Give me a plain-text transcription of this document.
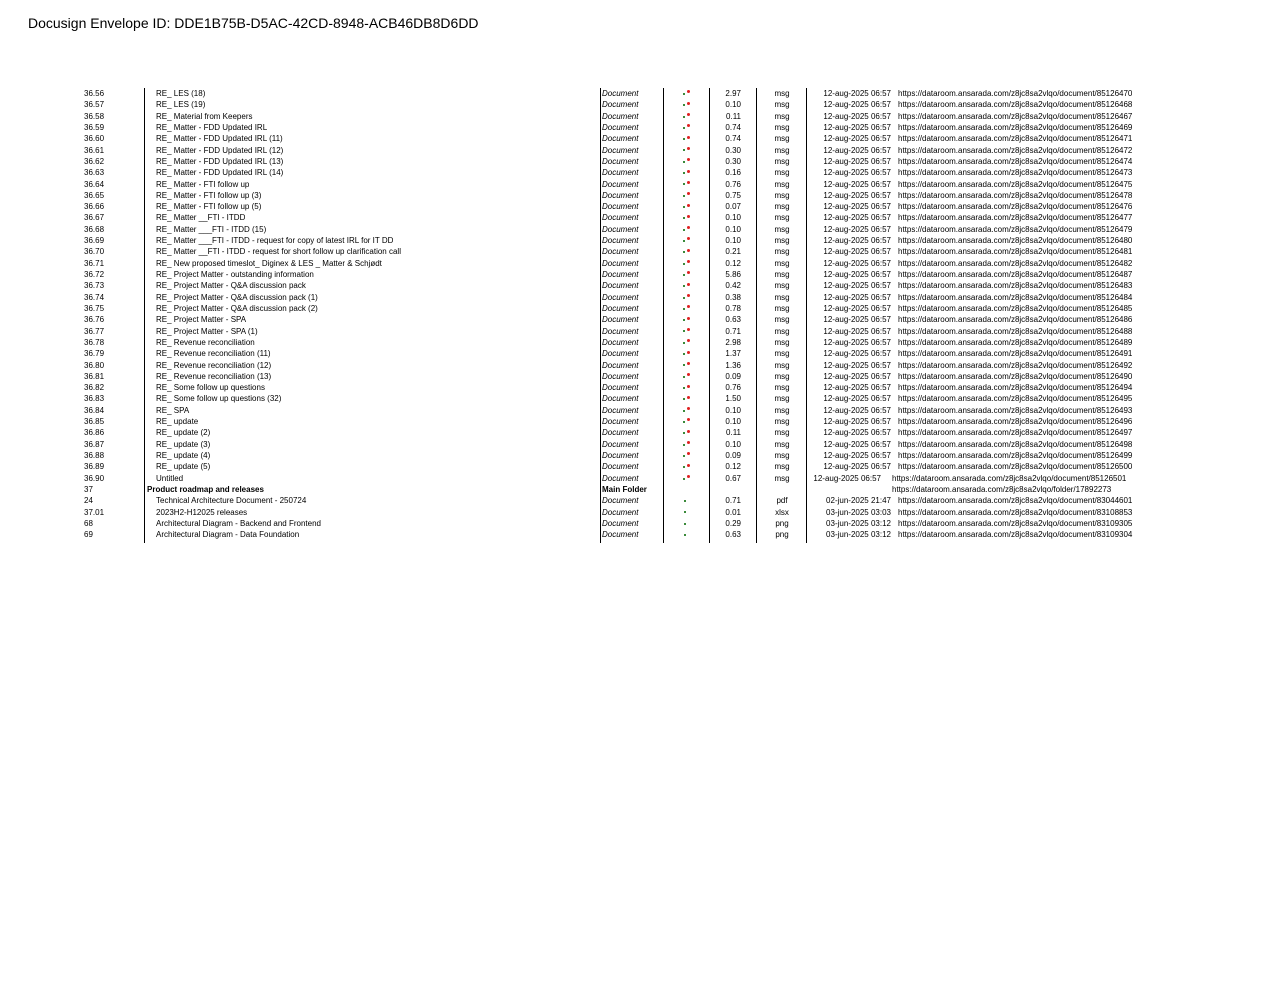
Docusign Envelope ID: DDE1B75B-D5AC-42CD-8948-ACB46DB8D6DD
36.56	RE_ LES (18)	Document	2.97	msg	12-aug-2025 06:57 https://dataroom.ansarada.com/z8jc8sa2vlqo/document/85126470
36.57	RE_ LES (19)	Document	0.10	msg	12-aug-2025 06:57 https://dataroom.ansarada.com/z8jc8sa2vlqo/document/85126468
36.58	RE_ Material from Keepers	Document	0.11	msg	12-aug-2025 06:57 https://dataroom.ansarada.com/z8jc8sa2vlqo/document/85126467
36.59	RE_ Matter - FDD Updated IRL	Document	0.74	msg	12-aug-2025 06:57 https://dataroom.ansarada.com/z8jc8sa2vlqo/document/85126469
36.60	RE_ Matter - FDD Updated IRL (11)	Document	0.74	msg	12-aug-2025 06:57 https://dataroom.ansarada.com/z8jc8sa2vlqo/document/85126471
36.61	RE_ Matter - FDD Updated IRL (12)	Document	0.30	msg	12-aug-2025 06:57 https://dataroom.ansarada.com/z8jc8sa2vlqo/document/85126472
36.62	RE_ Matter - FDD Updated IRL (13)	Document	0.30	msg	12-aug-2025 06:57 https://dataroom.ansarada.com/z8jc8sa2vlqo/document/85126474
36.63	RE_ Matter - FDD Updated IRL (14)	Document	0.16	msg	12-aug-2025 06:57 https://dataroom.ansarada.com/z8jc8sa2vlqo/document/85126473
36.64	RE_ Matter - FTI follow up	Document	0.76	msg	12-aug-2025 06:57 https://dataroom.ansarada.com/z8jc8sa2vlqo/document/85126475
36.65	RE_ Matter - FTI follow up (3)	Document	0.75	msg	12-aug-2025 06:57 https://dataroom.ansarada.com/z8jc8sa2vlqo/document/85126478
36.66	RE_ Matter - FTI follow up (5)	Document	0.07	msg	12-aug-2025 06:57 https://dataroom.ansarada.com/z8jc8sa2vlqo/document/85126476
36.67	RE_ Matter __FTI - ITDD	Document	0.10	msg	12-aug-2025 06:57 https://dataroom.ansarada.com/z8jc8sa2vlqo/document/85126477
36.68	RE_ Matter ___FTI - ITDD (15)	Document	0.10	msg	12-aug-2025 06:57 https://dataroom.ansarada.com/z8jc8sa2vlqo/document/85126479
36.69	RE_ Matter ___FTI - ITDD - request for copy of latest IRL for IT DD	Document	0.10	msg	12-aug-2025 06:57 https://dataroom.ansarada.com/z8jc8sa2vlqo/document/85126480
36.70	RE_ Matter __FTI - ITDD - request for short follow up clarification call	Document	0.21	msg	12-aug-2025 06:57 https://dataroom.ansarada.com/z8jc8sa2vlqo/document/85126481
36.71	RE_ New proposed timeslot_ Diginex & LES _ Matter & Schjødt	Document	0.12	msg	12-aug-2025 06:57 https://dataroom.ansarada.com/z8jc8sa2vlqo/document/85126482
36.72	RE_ Project Matter - outstanding information	Document	5.86	msg	12-aug-2025 06:57 https://dataroom.ansarada.com/z8jc8sa2vlqo/document/85126487
36.73	RE_ Project Matter - Q&A discussion pack	Document	0.42	msg	12-aug-2025 06:57 https://dataroom.ansarada.com/z8jc8sa2vlqo/document/85126483
36.74	RE_ Project Matter - Q&A discussion pack (1)	Document	0.38	msg	12-aug-2025 06:57 https://dataroom.ansarada.com/z8jc8sa2vlqo/document/85126484
36.75	RE_ Project Matter - Q&A discussion pack (2)	Document	0.78	msg	12-aug-2025 06:57 https://dataroom.ansarada.com/z8jc8sa2vlqo/document/85126485
36.76	RE_ Project Matter - SPA	Document	0.63	msg	12-aug-2025 06:57 https://dataroom.ansarada.com/z8jc8sa2vlqo/document/85126486
36.77	RE_ Project Matter - SPA (1)	Document	0.71	msg	12-aug-2025 06:57 https://dataroom.ansarada.com/z8jc8sa2vlqo/document/85126488
36.78	RE_ Revenue reconciliation	Document	2.98	msg	12-aug-2025 06:57 https://dataroom.ansarada.com/z8jc8sa2vlqo/document/85126489
36.79	RE_ Revenue reconciliation (11)	Document	1.37	msg	12-aug-2025 06:57 https://dataroom.ansarada.com/z8jc8sa2vlqo/document/85126491
36.80	RE_ Revenue reconciliation (12)	Document	1.36	msg	12-aug-2025 06:57 https://dataroom.ansarada.com/z8jc8sa2vlqo/document/85126492
36.81	RE_ Revenue reconciliation (13)	Document	0.09	msg	12-aug-2025 06:57 https://dataroom.ansarada.com/z8jc8sa2vlqo/document/85126490
36.82	RE_ Some follow up questions	Document	0.76	msg	12-aug-2025 06:57 https://dataroom.ansarada.com/z8jc8sa2vlqo/document/85126494
36.83	RE_ Some follow up questions (32)	Document	1.50	msg	12-aug-2025 06:57 https://dataroom.ansarada.com/z8jc8sa2vlqo/document/85126495
36.84	RE_ SPA	Document	0.10	msg	12-aug-2025 06:57 https://dataroom.ansarada.com/z8jc8sa2vlqo/document/85126493
36.85	RE_ update	Document	0.10	msg	12-aug-2025 06:57 https://dataroom.ansarada.com/z8jc8sa2vlqo/document/85126496
36.86	RE_ update (2)	Document	0.11	msg	12-aug-2025 06:57 https://dataroom.ansarada.com/z8jc8sa2vlqo/document/85126497
36.87	RE_ update (3)	Document	0.10	msg	12-aug-2025 06:57 https://dataroom.ansarada.com/z8jc8sa2vlqo/document/85126498
36.88	RE_ update (4)	Document	0.09	msg	12-aug-2025 06:57 https://dataroom.ansarada.com/z8jc8sa2vlqo/document/85126499
36.89	RE_ update (5)	Document	0.12	msg	12-aug-2025 06:57 https://dataroom.ansarada.com/z8jc8sa2vlqo/document/85126500
36.90	Untitled	Document	0.67	msg	12-aug-2025 06:57 https://dataroom.ansarada.com/z8jc8sa2vlqo/document/85126501
37	Product roadmap and releases	Main Folder	https://dataroom.ansarada.com/z8jc8sa2vlqo/folder/17892273
24	Technical Architecture Document - 250724	Document	0.71	pdf	02-jun-2025 21:47 https://dataroom.ansarada.com/z8jc8sa2vlqo/document/83044601
37.01	2023H2-H12025 releases	Document	0.01	xlsx	03-jun-2025 03:03 https://dataroom.ansarada.com/z8jc8sa2vlqo/document/83108853
68	Architectural Diagram - Backend and Frontend	Document	0.29	png	03-jun-2025 03:12 https://dataroom.ansarada.com/z8jc8sa2vlqo/document/83109305
69	Architectural Diagram - Data Foundation	Document	0.63	png	03-jun-2025 03:12 https://dataroom.ansarada.com/z8jc8sa2vlqo/document/83109304
